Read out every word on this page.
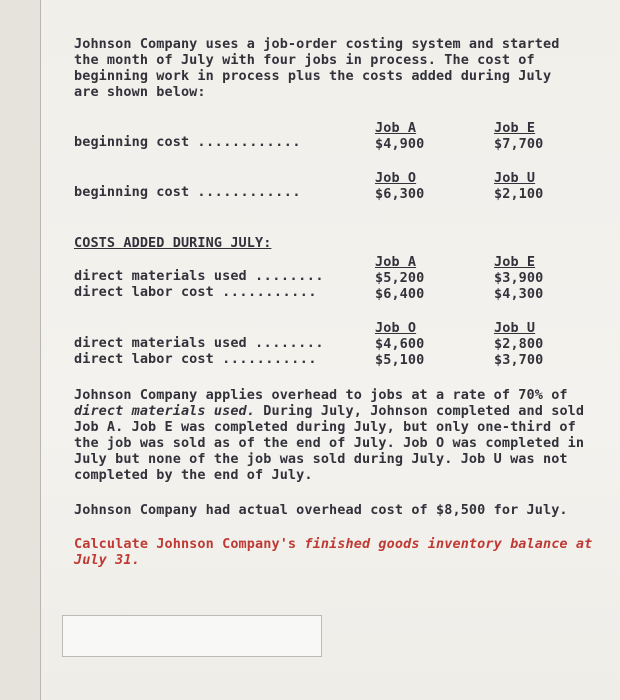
Johnson Company uses a job-order costing system and started
the month of July with four jobs in process. The cost of
beginning work in process plus the costs added during July
are shown below:
beginning cost ............
Job A
$4,900
Job E
$7,700
beginning cost ............
Job O
$6,300
Job U
$2,100
COSTS ADDED DURING JULY:
direct materials used ........
direct labor cost ...........
Job A
$5,200
$6,400
Job E
$3,900
$4,300
direct materials used ........
direct labor cost ...........
Job O
$4,600
$5,100
Job U
$2,800
$3,700
Johnson Company applies overhead to jobs at a rate of 70% of
direct materials used. During July, Johnson completed and sold
Job A. Job E was completed during July, but only one-third of
the job was sold as of the end of July. Job O was completed in
July but none of the job was sold during July. Job U was not
completed by the end of July.
Johnson Company had actual overhead cost of $8,500 for July.
Calculate Johnson Company's finished goods inventory balance at
July 31.
